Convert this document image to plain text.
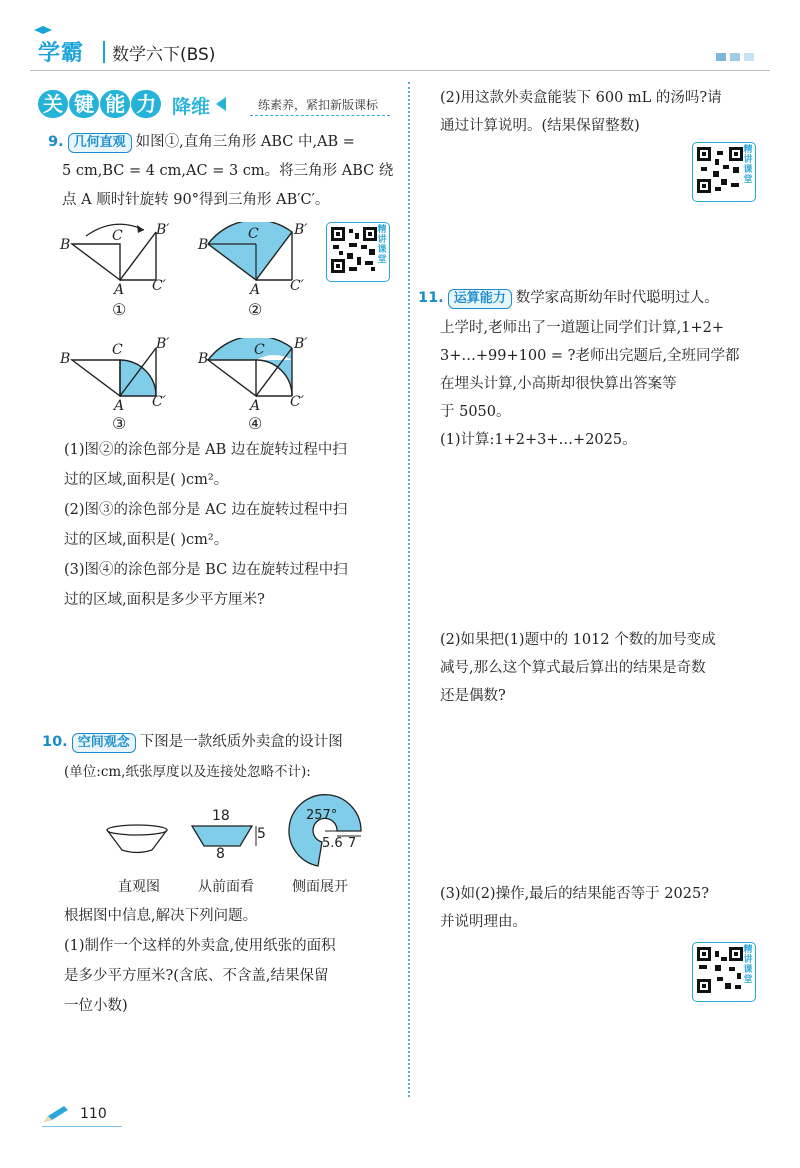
学霸 数学六下(BS)
关 键 能 力 降维	练素养，紧扣新版课标
9. 几何直观 如图①,直角三角形 ABC 中,AB =
5 cm,BC = 4 cm,AC = 3 cm。将三角形 ABC 绕
点 A 顺时针旋转 90°得到三角形 AB′C′。
B
C B′
A C′
①
B
C	B′
A C′
②
精讲课堂
B
C B′
A C′
③
B
C B′
A C′
④
(1)图②的涂色部分是 AB 边在旋转过程中扫
过的区域,面积是( )cm²。
(2)图③的涂色部分是 AC 边在旋转过程中扫
过的区域,面积是( )cm²。
(3)图④的涂色部分是 BC 边在旋转过程中扫
过的区域,面积是多少平方厘米?
10. 空间观念 下图是一款纸质外卖盒的设计图
(单位:cm,纸张厚度以及连接处忽略不计):
18
5
8
257°
5.6 7
直观图	从前面看	侧面展开
根据图中信息,解决下列问题。
(1)制作一个这样的外卖盒,使用纸张的面积
是多少平方厘米?(含底、不含盖,结果保留
一位小数)
(2)用这款外卖盒能装下 600 mL 的汤吗?请
通过计算说明。(结果保留整数)
精讲课堂
11. 运算能力 数学家高斯幼年时代聪明过人。
上学时,老师出了一道题让同学们计算,1+2+
3+…+99+100 = ?老师出完题后,全班同学都
在埋头计算,小高斯却很快算出答案等
于 5050。
(1)计算:1+2+3+…+2025。
(2)如果把(1)题中的 1012 个数的加号变成
减号,那么这个算式最后算出的结果是奇数
还是偶数?
(3)如(2)操作,最后的结果能否等于 2025?
并说明理由。
精讲课堂
110
